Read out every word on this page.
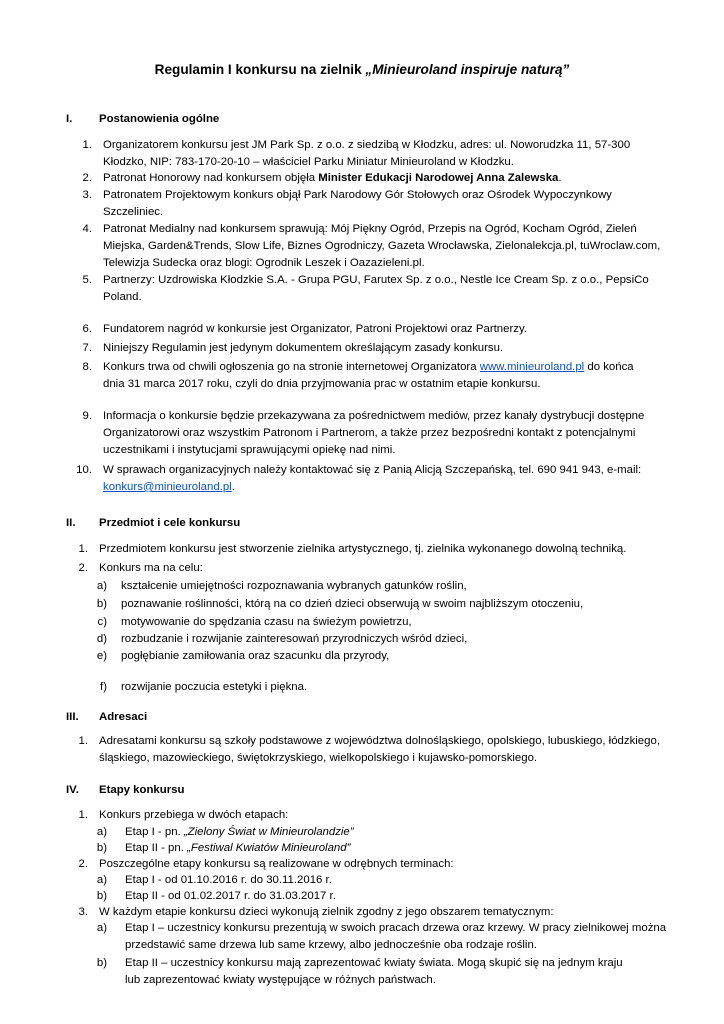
Regulamin I konkursu na zielnik „Minieuroland inspiruje naturą”
I. Postanowienia ogólne
1. Organizatorem konkursu jest JM Park Sp. z o.o. z siedzibą w Kłodzku, adres: ul. Noworudzka 11, 57-300
Kłodzko, NIP: 783-170-20-10 – właściciel Parku Miniatur Minieuroland w Kłodzku.
2. Patronat Honorowy nad konkursem objęła Minister Edukacji Narodowej Anna Zalewska.
3. Patronatem Projektowym konkurs objął Park Narodowy Gór Stołowych oraz Ośrodek Wypoczynkowy
Szczeliniec.
4. Patronat Medialny nad konkursem sprawują: Mój Piękny Ogród, Przepis na Ogród, Kocham Ogród, Zieleń
Miejska, Garden&Trends, Slow Life, Biznes Ogrodniczy, Gazeta Wrocławska, Zielonalekcja.pl, tuWroclaw.com,
Telewizja Sudecka oraz blogi: Ogrodnik Leszek i Oazazieleni.pl.
5. Partnerzy: Uzdrowiska Kłodzkie S.A. - Grupa PGU, Farutex Sp. z o.o., Nestle Ice Cream Sp. z o.o., PepsiCo
Poland.
6. Fundatorem nagród w konkursie jest Organizator, Patroni Projektowi oraz Partnerzy.
7. Niniejszy Regulamin jest jedynym dokumentem określającym zasady konkursu.
8. Konkurs trwa od chwili ogłoszenia go na stronie internetowej Organizatora www.minieuroland.pl do końca
dnia 31 marca 2017 roku, czyli do dnia przyjmowania prac w ostatnim etapie konkursu.
9. Informacja o konkursie będzie przekazywana za pośrednictwem mediów, przez kanały dystrybucji dostępne
Organizatorowi oraz wszystkim Patronom i Partnerom, a także przez bezpośredni kontakt z potencjalnymi
uczestnikami i instytucjami sprawującymi opiekę nad nimi.
10. W sprawach organizacyjnych należy kontaktować się z Panią Alicją Szczepańską, tel. 690 941 943, e-mail:
konkurs@minieuroland.pl.
II. Przedmiot i cele konkursu
1. Przedmiotem konkursu jest stworzenie zielnika artystycznego, tj. zielnika wykonanego dowolną techniką.
2. Konkurs ma na celu:
a) kształcenie umiejętności rozpoznawania wybranych gatunków roślin,
b) poznawanie roślinności, którą na co dzień dzieci obserwują w swoim najbliższym otoczeniu,
c) motywowanie do spędzania czasu na świeżym powietrzu,
d) rozbudzanie i rozwijanie zainteresowań przyrodniczych wśród dzieci,
e) pogłębianie zamiłowania oraz szacunku dla przyrody,
f) rozwijanie poczucia estetyki i piękna.
III. Adresaci
1. Adresatami konkursu są szkoły podstawowe z województwa dolnośląskiego, opolskiego, lubuskiego, łódzkiego,
śląskiego, mazowieckiego, świętokrzyskiego, wielkopolskiego i kujawsko-pomorskiego.
IV. Etapy konkursu
1. Konkurs przebiega w dwóch etapach:
a) Etap I - pn. „Zielony Świat w Minieurolandzie”
b) Etap II - pn. „Festiwal Kwiatów Minieuroland”
2. Poszczególne etapy konkursu są realizowane w odrębnych terminach:
a) Etap I - od 01.10.2016 r. do 30.11.2016 r.
b) Etap II - od 01.02.2017 r. do 31.03.2017 r.
3. W każdym etapie konkursu dzieci wykonują zielnik zgodny z jego obszarem tematycznym:
a) Etap I – uczestnicy konkursu prezentują w swoich pracach drzewa oraz krzewy. W pracy zielnikowej można
przedstawić same drzewa lub same krzewy, albo jednocześnie oba rodzaje roślin.
b) Etap II – uczestnicy konkursu mają zaprezentować kwiaty świata. Mogą skupić się na jednym kraju
lub zaprezentować kwiaty występujące w różnych państwach.
